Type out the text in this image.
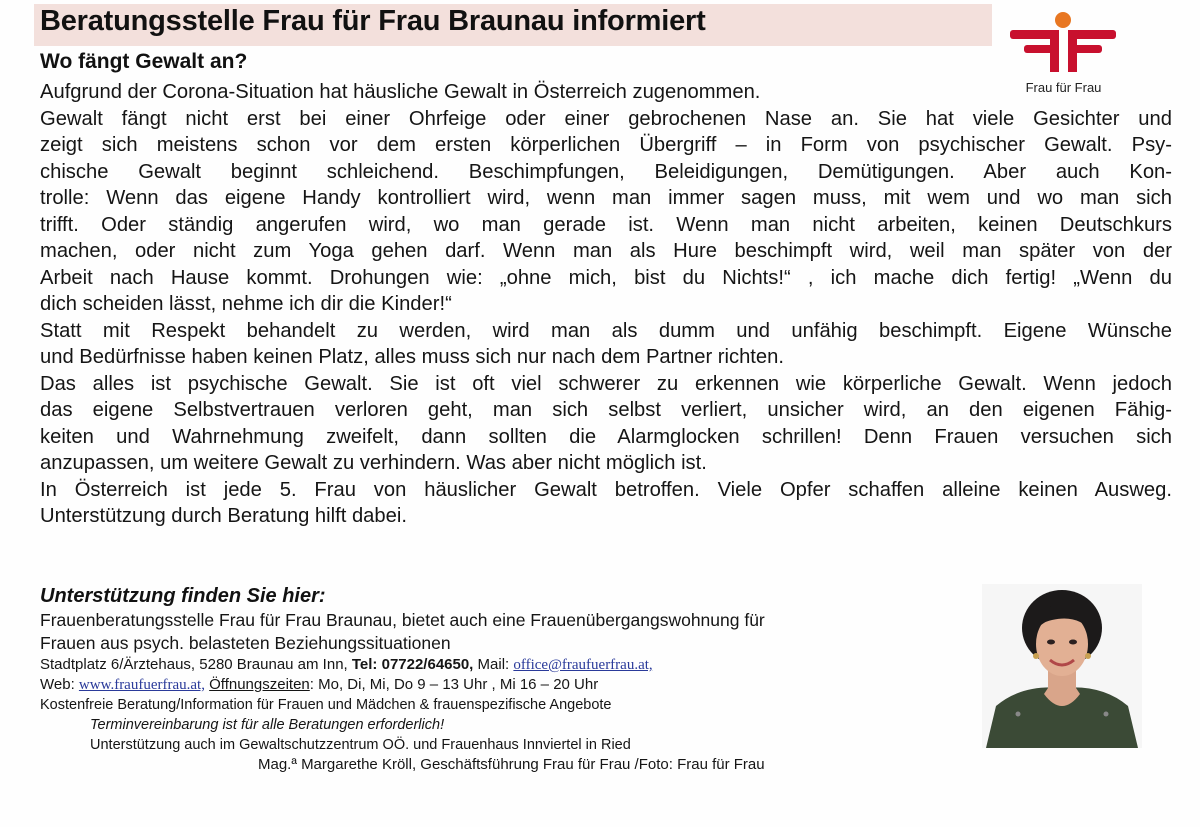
Beratungsstelle Frau für Frau Braunau informiert
Wo fängt Gewalt an?
Frau für Frau
Aufgrund der Corona-Situation hat häusliche Gewalt in Österreich zugenommen.
Gewalt fängt nicht erst bei einer Ohrfeige oder einer gebrochenen Nase an. Sie hat viele Gesichter und
zeigt sich meistens schon vor dem ersten körperlichen Übergriff – in Form von psychischer Gewalt. Psy-
chische Gewalt beginnt schleichend. Beschimpfungen, Beleidigungen, Demütigungen. Aber auch Kon-
trolle: Wenn das eigene Handy kontrolliert wird, wenn man immer sagen muss, mit wem und wo man sich
trifft. Oder ständig angerufen wird, wo man gerade ist. Wenn man nicht arbeiten, keinen Deutschkurs
machen, oder nicht zum Yoga gehen darf. Wenn man als Hure beschimpft wird, weil man später von der
Arbeit nach Hause kommt. Drohungen wie: „ohne mich, bist du Nichts!“ , ich mache dich fertig! „Wenn du
dich scheiden lässt, nehme ich dir die Kinder!“
Statt mit Respekt behandelt zu werden, wird man als dumm und unfähig beschimpft. Eigene Wünsche
und Bedürfnisse haben keinen Platz, alles muss sich nur nach dem Partner richten.
Das alles ist psychische Gewalt. Sie ist oft viel schwerer zu erkennen wie körperliche Gewalt. Wenn jedoch
das eigene Selbstvertrauen verloren geht, man sich selbst verliert, unsicher wird, an den eigenen Fähig-
keiten und Wahrnehmung zweifelt, dann sollten die Alarmglocken schrillen! Denn Frauen versuchen sich
anzupassen, um weitere Gewalt zu verhindern. Was aber nicht möglich ist.
In Österreich ist jede 5. Frau von häuslicher Gewalt betroffen. Viele Opfer schaffen alleine keinen Ausweg.
Unterstützung durch Beratung hilft dabei.
Unterstützung finden Sie hier:
Frauenberatungsstelle Frau für Frau Braunau, bietet auch eine Frauenübergangswohnung für
Frauen aus psych. belasteten Beziehungssituationen
Stadtplatz 6/Ärztehaus, 5280 Braunau am Inn, Tel: 07722/64650, Mail: office@fraufuerfrau.at,
Web: www.fraufuerfrau.at, Öffnungszeiten: Mo, Di, Mi, Do 9 – 13 Uhr , Mi 16 – 20 Uhr
Kostenfreie Beratung/Information für Frauen und Mädchen & frauenspezifische Angebote
Terminvereinbarung ist für alle Beratungen erforderlich!
Unterstützung auch im Gewaltschutzzentrum OÖ. und Frauenhaus Innviertel in Ried
Mag.ª Margarethe Kröll, Geschäftsführung Frau für Frau /Foto: Frau für Frau
